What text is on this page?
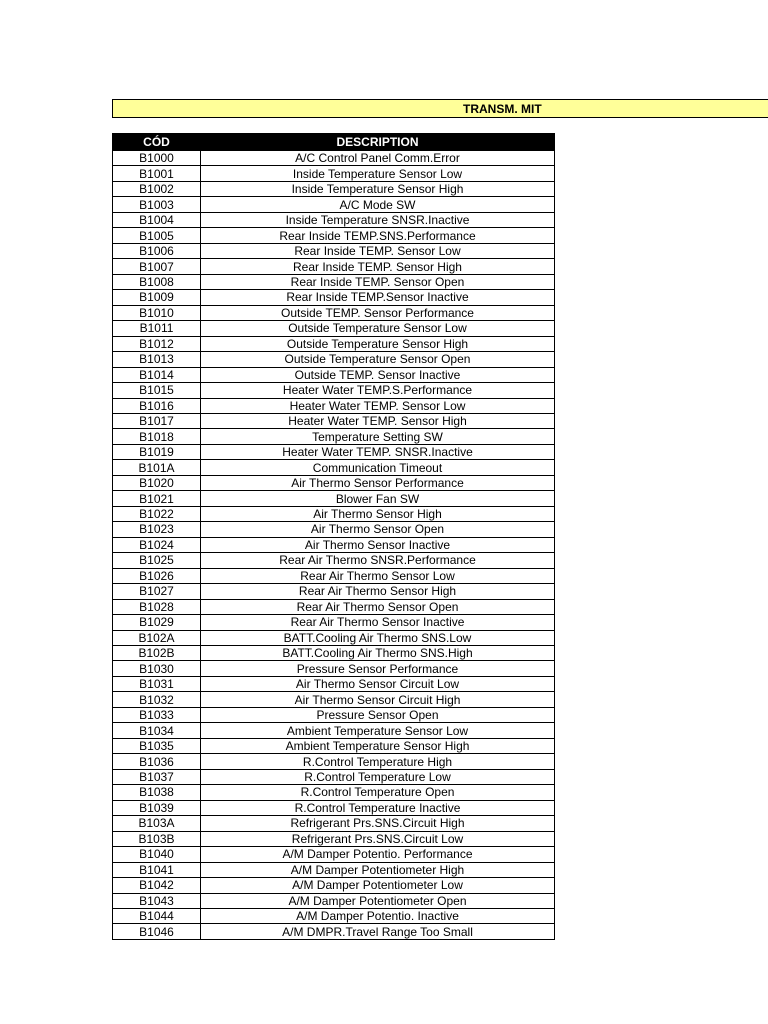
TRANSM. MIT
CÓD	DESCRIPTION
B1000	A/C Control Panel Comm.Error
B1001	Inside Temperature Sensor Low
B1002	Inside Temperature Sensor High
B1003	A/C Mode SW
B1004	Inside Temperature SNSR.Inactive
B1005	Rear Inside TEMP.SNS.Performance
B1006	Rear Inside TEMP. Sensor Low
B1007	Rear Inside TEMP. Sensor High
B1008	Rear Inside TEMP. Sensor Open
B1009	Rear Inside TEMP.Sensor Inactive
B1010	Outside TEMP. Sensor Performance
B1011	Outside Temperature Sensor Low
B1012	Outside Temperature Sensor High
B1013	Outside Temperature Sensor Open
B1014	Outside TEMP. Sensor Inactive
B1015	Heater Water TEMP.S.Performance
B1016	Heater Water TEMP. Sensor Low
B1017	Heater Water TEMP. Sensor High
B1018	Temperature Setting SW
B1019	Heater Water TEMP. SNSR.Inactive
B101A	Communication Timeout
B1020	Air Thermo Sensor Performance
B1021	Blower Fan SW
B1022	Air Thermo Sensor High
B1023	Air Thermo Sensor Open
B1024	Air Thermo Sensor Inactive
B1025	Rear Air Thermo SNSR.Performance
B1026	Rear Air Thermo Sensor Low
B1027	Rear Air Thermo Sensor High
B1028	Rear Air Thermo Sensor Open
B1029	Rear Air Thermo Sensor Inactive
B102A	BATT.Cooling Air Thermo SNS.Low
B102B	BATT.Cooling Air Thermo SNS.High
B1030	Pressure Sensor Performance
B1031	Air Thermo Sensor Circuit Low
B1032	Air Thermo Sensor Circuit High
B1033	Pressure Sensor Open
B1034	Ambient Temperature Sensor Low
B1035	Ambient Temperature Sensor High
B1036	R.Control Temperature High
B1037	R.Control Temperature Low
B1038	R.Control Temperature Open
B1039	R.Control Temperature Inactive
B103A	Refrigerant Prs.SNS.Circuit High
B103B	Refrigerant Prs.SNS.Circuit Low
B1040	A/M Damper Potentio. Performance
B1041	A/M Damper Potentiometer High
B1042	A/M Damper Potentiometer Low
B1043	A/M Damper Potentiometer Open
B1044	A/M Damper Potentio. Inactive
B1046	A/M DMPR.Travel Range Too Small
